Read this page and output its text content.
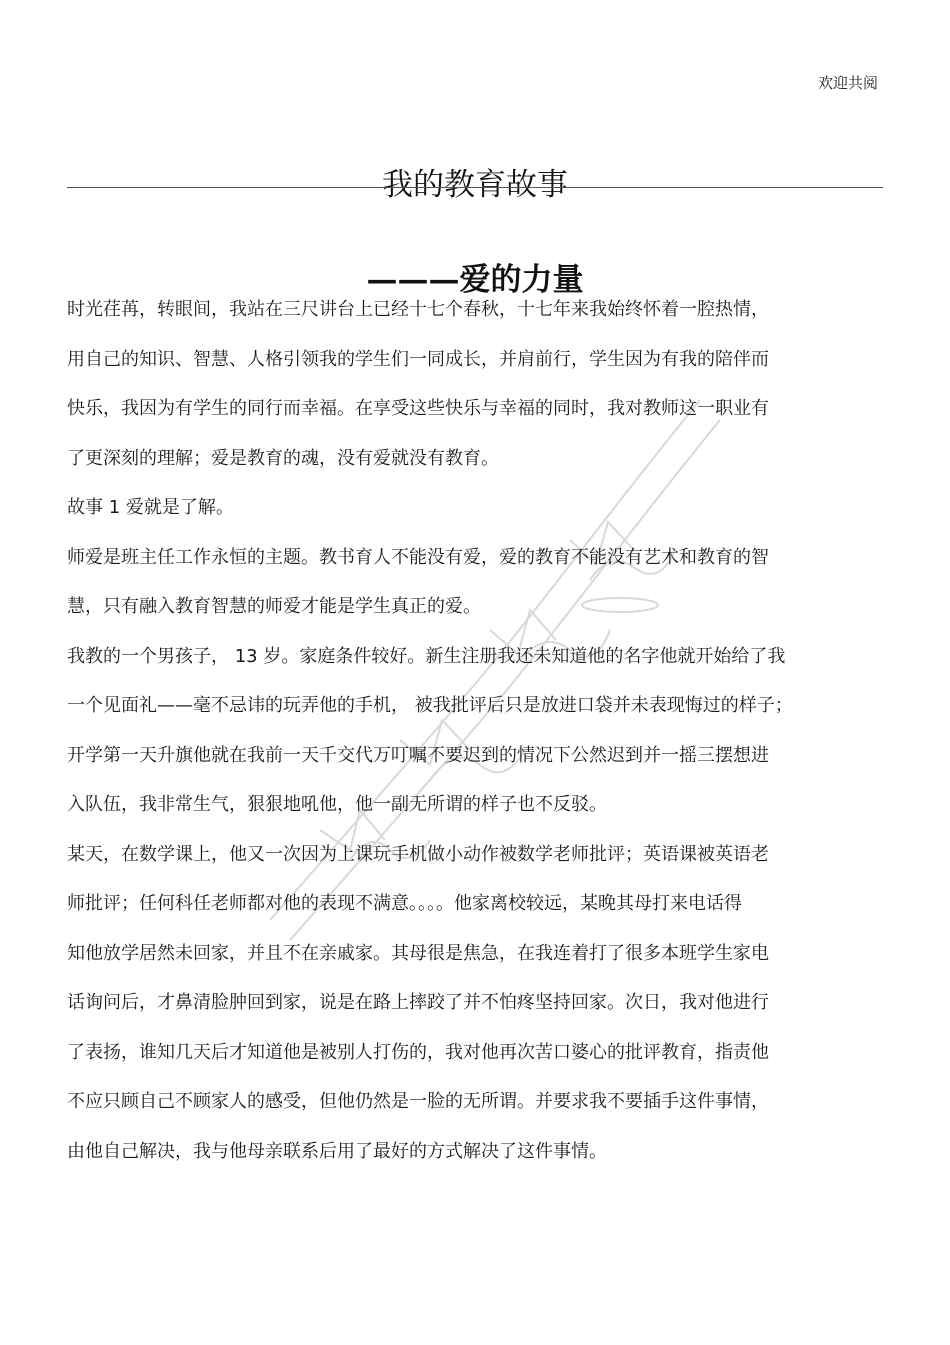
欢迎共阅
我的教育故事
———爱的力量
时光荏苒，转眼间，我站在三尺讲台上已经十七个春秋，十七年来我始终怀着一腔热情，
用自己的知识、智慧、人格引领我的学生们一同成长，并肩前行，学生因为有我的陪伴而
快乐，我因为有学生的同行而幸福。在享受这些快乐与幸福的同时，我对教师这一职业有
了更深刻的理解；爱是教育的魂，没有爱就没有教育。
故事 1 爱就是了解。
师爱是班主任工作永恒的主题。教书育人不能没有爱，爱的教育不能没有艺术和教育的智
慧，只有融入教育智慧的师爱才能是学生真正的爱。
我教的一个男孩子， 13 岁。家庭条件较好。新生注册我还未知道他的名字他就开始给了我
一个见面礼——毫不忌讳的玩弄他的手机， 被我批评后只是放进口袋并未表现悔过的样子；
开学第一天升旗他就在我前一天千交代万叮嘱不要迟到的情况下公然迟到并一摇三摆想进
入队伍，我非常生气，狠狠地吼他，他一副无所谓的样子也不反驳。
某天，在数学课上，他又一次因为上课玩手机做小动作被数学老师批评；英语课被英语老
师批评；任何科任老师都对他的表现不满意。。。。他家离校较远，某晚其母打来电话得
知他放学居然未回家，并且不在亲戚家。其母很是焦急，在我连着打了很多本班学生家电
话询问后，才鼻清脸肿回到家，说是在路上摔跤了并不怕疼坚持回家。次日，我对他进行
了表扬，谁知几天后才知道他是被别人打伤的，我对他再次苦口婆心的批评教育，指责他
不应只顾自己不顾家人的感受，但他仍然是一脸的无所谓。并要求我不要插手这件事情，
由他自己解决，我与他母亲联系后用了最好的方式解决了这件事情。
